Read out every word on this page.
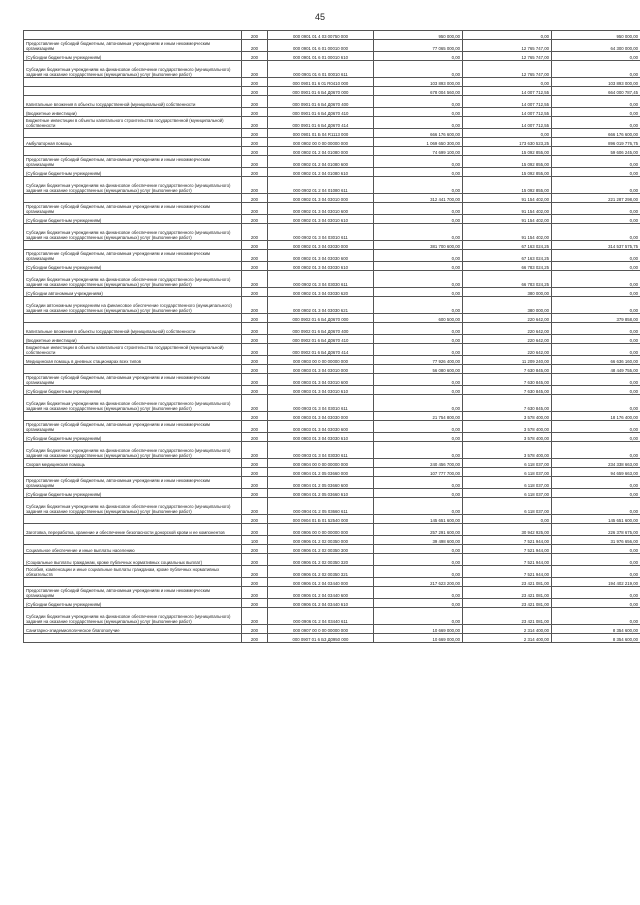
45
	200	000 0901 01 4 03 00750 000	950 000,00	0,00	950 000,00
Предоставление субсидий бюджетным, автономным учреждениям и иным некоммерческим организациям	200	000 0901 01 6 01 00010 000	77 065 000,00	12 765 747,00	64 300 000,00
(Субсидии бюджетным учреждениям)	200	000 0901 01 6 01 00010 610	0,00	12 765 747,00	0,00
Субсидии бюджетным учреждениям на финансовое обеспечение государственного (муниципального) задания на оказание государственных (муниципальных) услуг (выполнение работ)	200	000 0901 01 6 01 00010 611	0,00	12 765 747,00	0,00
	200	000 0901 01 6 01 R0410 000	103 893 000,00	0,00	103 893 000,00
	200	000 0901 01 6 Б4 Д0670 000	678 004 560,00	14 007 712,55	664 000 787,45
Капитальные вложения в объекты государственной (муниципальной) собственности	200	000 0901 01 6 Б4 Д0670 400	0,00	14 007 712,55	0,00
(Бюджетные инвестиции)	200	000 0901 01 6 Б4 Д0670 410	0,00	14 007 712,55	0,00
Бюджетные инвестиции в объекты капитального строительства государственной (муниципальной) собственности	200	000 0901 01 6 Б4 Д0670 414	0,00	14 007 712,55	0,00
	200	000 0901 01 Б 04 R1113 000	666 176 600,00	0,00	666 176 600,00
Амбулаторная помощь	200	000 0902 00 0 00 00000 000	1 069 650 300,00	173 630 523,25	896 019 776,75
	200	000 0902 01 2 04 01080 000	74 699 100,00	15 092 855,00	59 606 245,00
Предоставление субсидий бюджетным, автономным учреждениям и иным некоммерческим организациям	200	000 0902 01 2 04 01080 600	0,00	15 092 855,00	0,00
(Субсидии бюджетным учреждениям)	200	000 0902 01 2 04 01080 610	0,00	15 092 855,00	0,00
Субсидии бюджетным учреждениям на финансовое обеспечение государственного (муниципального) задания на оказание государственных (муниципальных) услуг (выполнение работ)	200	000 0902 01 2 04 01080 611	0,00	15 092 855,00	0,00
	200	000 0902 01 3 04 03010 000	312 441 700,00	91 154 402,00	221 287 298,00
Предоставление субсидий бюджетным, автономным учреждениям и иным некоммерческим организациям	200	000 0902 01 3 04 03010 600	0,00	91 154 402,00	0,00
(Субсидии бюджетным учреждениям)	200	000 0902 01 3 04 03010 610	0,00	91 154 402,00	0,00
Субсидии бюджетным учреждениям на финансовое обеспечение государственного (муниципального) задания на оказание государственных (муниципальных) услуг (выполнение работ)	200	000 0902 01 3 04 03010 611	0,00	91 154 402,00	0,00
	200	000 0902 01 3 04 03030 000	381 700 600,00	67 163 024,25	314 537 575,75
Предоставление субсидий бюджетным, автономным учреждениям и иным некоммерческим организациям	200	000 0902 01 3 04 03030 600	0,00	67 163 024,25	0,00
(Субсидии бюджетным учреждениям)	200	000 0902 01 3 04 03030 610	0,00	66 783 024,25	0,00
Субсидии бюджетным учреждениям на финансовое обеспечение государственного (муниципального) задания на оказание государственных (муниципальных) услуг (выполнение работ)	200	000 0902 01 3 04 03030 611	0,00	66 783 024,25	0,00
(Субсидии автономным учреждениям)	200	000 0902 01 3 04 03030 620	0,00	380 000,00	0,00
Субсидии автономным учреждениям на финансовое обеспечение государственного (муниципального) задания на оказание государственных (муниципальных) услуг (выполнение работ)	200	000 0902 01 3 04 03030 621	0,00	380 000,00	0,00
	200	000 0902 01 6 Б4 Д0670 000	600 500,00	220 642,00	379 858,00
Капитальные вложения в объекты государственной (муниципальной) собственности	200	000 0902 01 6 Б4 Д0670 400	0,00	220 642,00	0,00
(Бюджетные инвестиции)	200	000 0902 01 6 Б4 Д0670 410	0,00	220 642,00	0,00
Бюджетные инвестиции в объекты капитального строительства государственной (муниципальной) собственности	200	000 0902 01 6 Б4 Д0670 414	0,00	220 642,00	0,00
Медицинская помощь в дневных стационарах всех типов	200	000 0903 00 0 00 00000 000	77 926 400,00	11 209 240,00	66 636 160,00
	200	000 0903 01 3 04 03010 000	56 080 600,00	7 630 845,00	48 449 755,00
Предоставление субсидий бюджетным, автономным учреждениям и иным некоммерческим организациям	200	000 0903 01 3 04 03010 600	0,00	7 630 845,00	0,00
(Субсидии бюджетным учреждениям)	200	000 0903 01 3 04 03010 610	0,00	7 630 845,00	0,00
Субсидии бюджетным учреждениям на финансовое обеспечение государственного (муниципального) задания на оказание государственных (муниципальных) услуг (выполнение работ)	200	000 0903 01 3 04 03010 611	0,00	7 630 845,00	0,00
	200	000 0903 01 3 04 03030 000	21 754 800,00	3 578 400,00	18 176 400,00
Предоставление субсидий бюджетным, автономным учреждениям и иным некоммерческим организациям	200	000 0903 01 3 04 03030 600	0,00	3 578 400,00	0,00
(Субсидии бюджетным учреждениям)	200	000 0903 01 3 04 03030 610	0,00	3 578 400,00	0,00
Субсидии бюджетным учреждениям на финансовое обеспечение государственного (муниципального) задания на оказание государственных (муниципальных) услуг (выполнение работ)	200	000 0903 01 3 04 03030 611	0,00	3 578 400,00	0,00
Скорая медицинская помощь	200	000 0904 00 0 00 00000 000	240 456 700,00	6 118 037,00	234 338 663,00
	200	000 0904 01 2 05 03660 000	107 777 700,00	6 118 037,00	94 659 663,00
Предоставление субсидий бюджетным, автономным учреждениям и иным некоммерческим организациям	200	000 0904 01 2 05 03660 600	0,00	6 118 037,00	0,00
(Субсидии бюджетным учреждениям)	200	000 0904 01 2 05 03660 610	0,00	6 118 037,00	0,00
Субсидии бюджетным учреждениям на финансовое обеспечение государственного (муниципального) задания на оказание государственных (муниципальных) услуг (выполнение работ)	200	000 0904 01 2 05 03660 611	0,00	6 118 037,00	0,00
	200	000 0904 01 Б 01 52540 000	145 651 600,00	0,00	145 651 600,00
Заготовка, переработка, хранение и обеспечение безопасности донорской крови и ее компонентов	200	000 0906 00 0 00 00000 000	257 291 600,00	30 942 925,00	226 378 675,00
	100	000 0906 01 2 02 00350 000	39 498 600,00	7 521 944,00	31 976 656,00
Социальное обеспечение и иные выплаты населению	200	000 0906 01 2 02 00350 300	0,00	7 521 944,00	0,00
(Социальные выплаты гражданам, кроме публичных нормативных социальных выплат)	200	000 0906 01 2 02 00350 320	0,00	7 521 944,00	0,00
Пособия, компенсации и иные социальные выплаты гражданам, кроме публичных нормативных обязательств	200	000 0906 01 2 02 00350 321	0,00	7 521 944,00	0,00
	200	000 0906 01 2 04 03440 000	217 623 200,00	23 421 081,00	194 402 219,00
Предоставление субсидий бюджетным, автономным учреждениям и иным некоммерческим организациям	200	000 0906 01 2 04 03440 600	0,00	23 421 081,00	0,00
(Субсидии бюджетным учреждениям)	200	000 0906 01 2 04 03440 610	0,00	23 421 081,00	0,00
Субсидии бюджетным учреждениям на финансовое обеспечение государственного (муниципального) задания на оказание государственных (муниципальных) услуг (выполнение работ)	200	000 0906 01 2 04 03440 611	0,00	23 421 081,00	0,00
Санитарно-эпидемиологическое благополучие	200	000 0907 00 0 00 00000 000	10 669 000,00	2 314 400,00	8 354 600,00
	200	000 0907 01 6 Б3 Д0950 000	10 669 000,00	2 314 400,00	8 354 600,00
